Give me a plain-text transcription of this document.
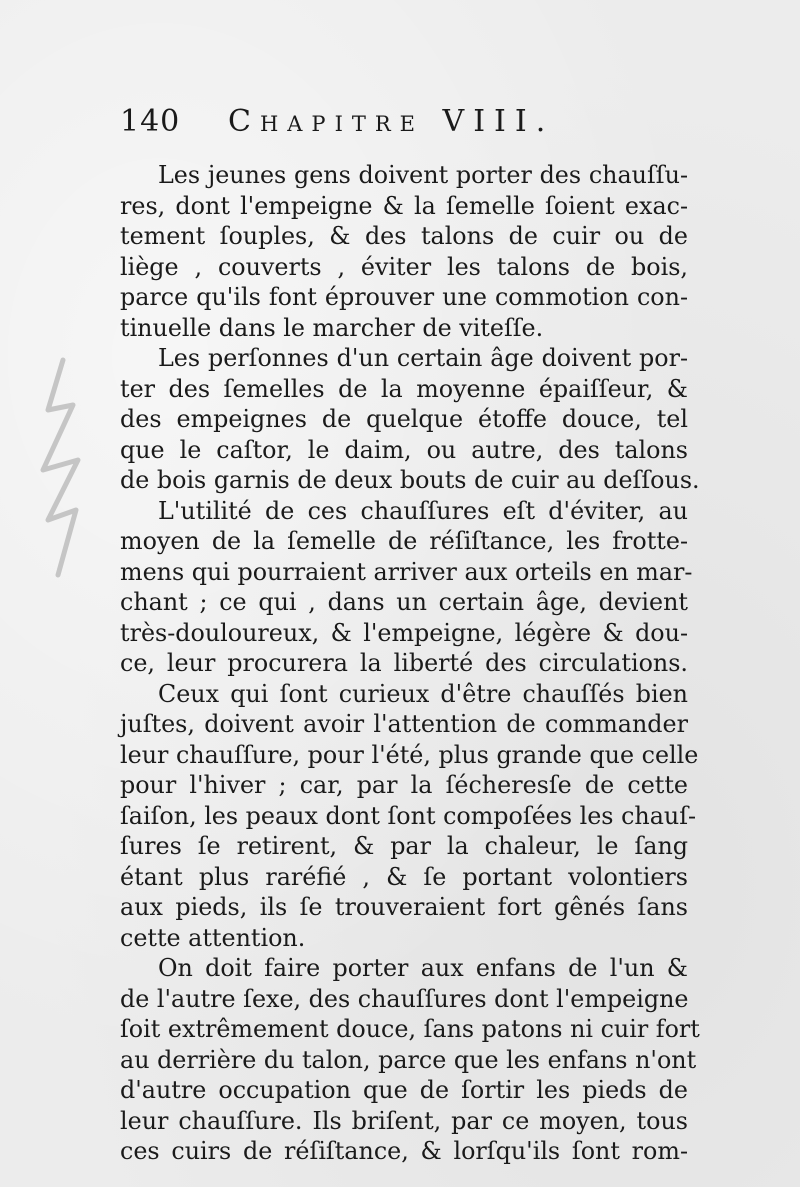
140 Chapitre VIII.
Les jeunes gens doivent porter des chauſſu-
res, dont l'empeigne & la ſemelle ſoient exac-
tement ſouples, & des talons de cuir ou de
liège , couverts , éviter les talons de bois,
parce qu'ils font éprouver une commotion con-
tinuelle dans le marcher de viteſſe.
Les perſonnes d'un certain âge doivent por-
ter des ſemelles de la moyenne épaiſſeur, &
des empeignes de quelque étoffe douce, tel
que le caſtor, le daim, ou autre, des talons
de bois garnis de deux bouts de cuir au deſſous.
L'utilité de ces chauſſures eſt d'éviter, au
moyen de la ſemelle de réſiſtance, les frotte-
mens qui pourraient arriver aux orteils en mar-
chant ; ce qui , dans un certain âge, devient
très-douloureux, & l'empeigne, légère & dou-
ce, leur procurera la liberté des circulations.
Ceux qui ſont curieux d'être chauſſés bien
juſtes, doivent avoir l'attention de commander
leur chauſſure, pour l'été, plus grande que celle
pour l'hiver ; car, par la ſécheresſe de cette
ſaiſon, les peaux dont ſont compoſées les chauſ-
ſures ſe retirent, & par la chaleur, le ſang
étant plus raréfié , & ſe portant volontiers
aux pieds, ils ſe trouveraient fort gênés ſans
cette attention.
On doit faire porter aux enfans de l'un &
de l'autre ſexe, des chauſſures dont l'empeigne
ſoit extrêmement douce, ſans patons ni cuir fort
au derrière du talon, parce que les enfans n'ont
d'autre occupation que de ſortir les pieds de
leur chauſſure. Ils briſent, par ce moyen, tous
ces cuirs de réſiſtance, & lorſqu'ils ſont rom-
